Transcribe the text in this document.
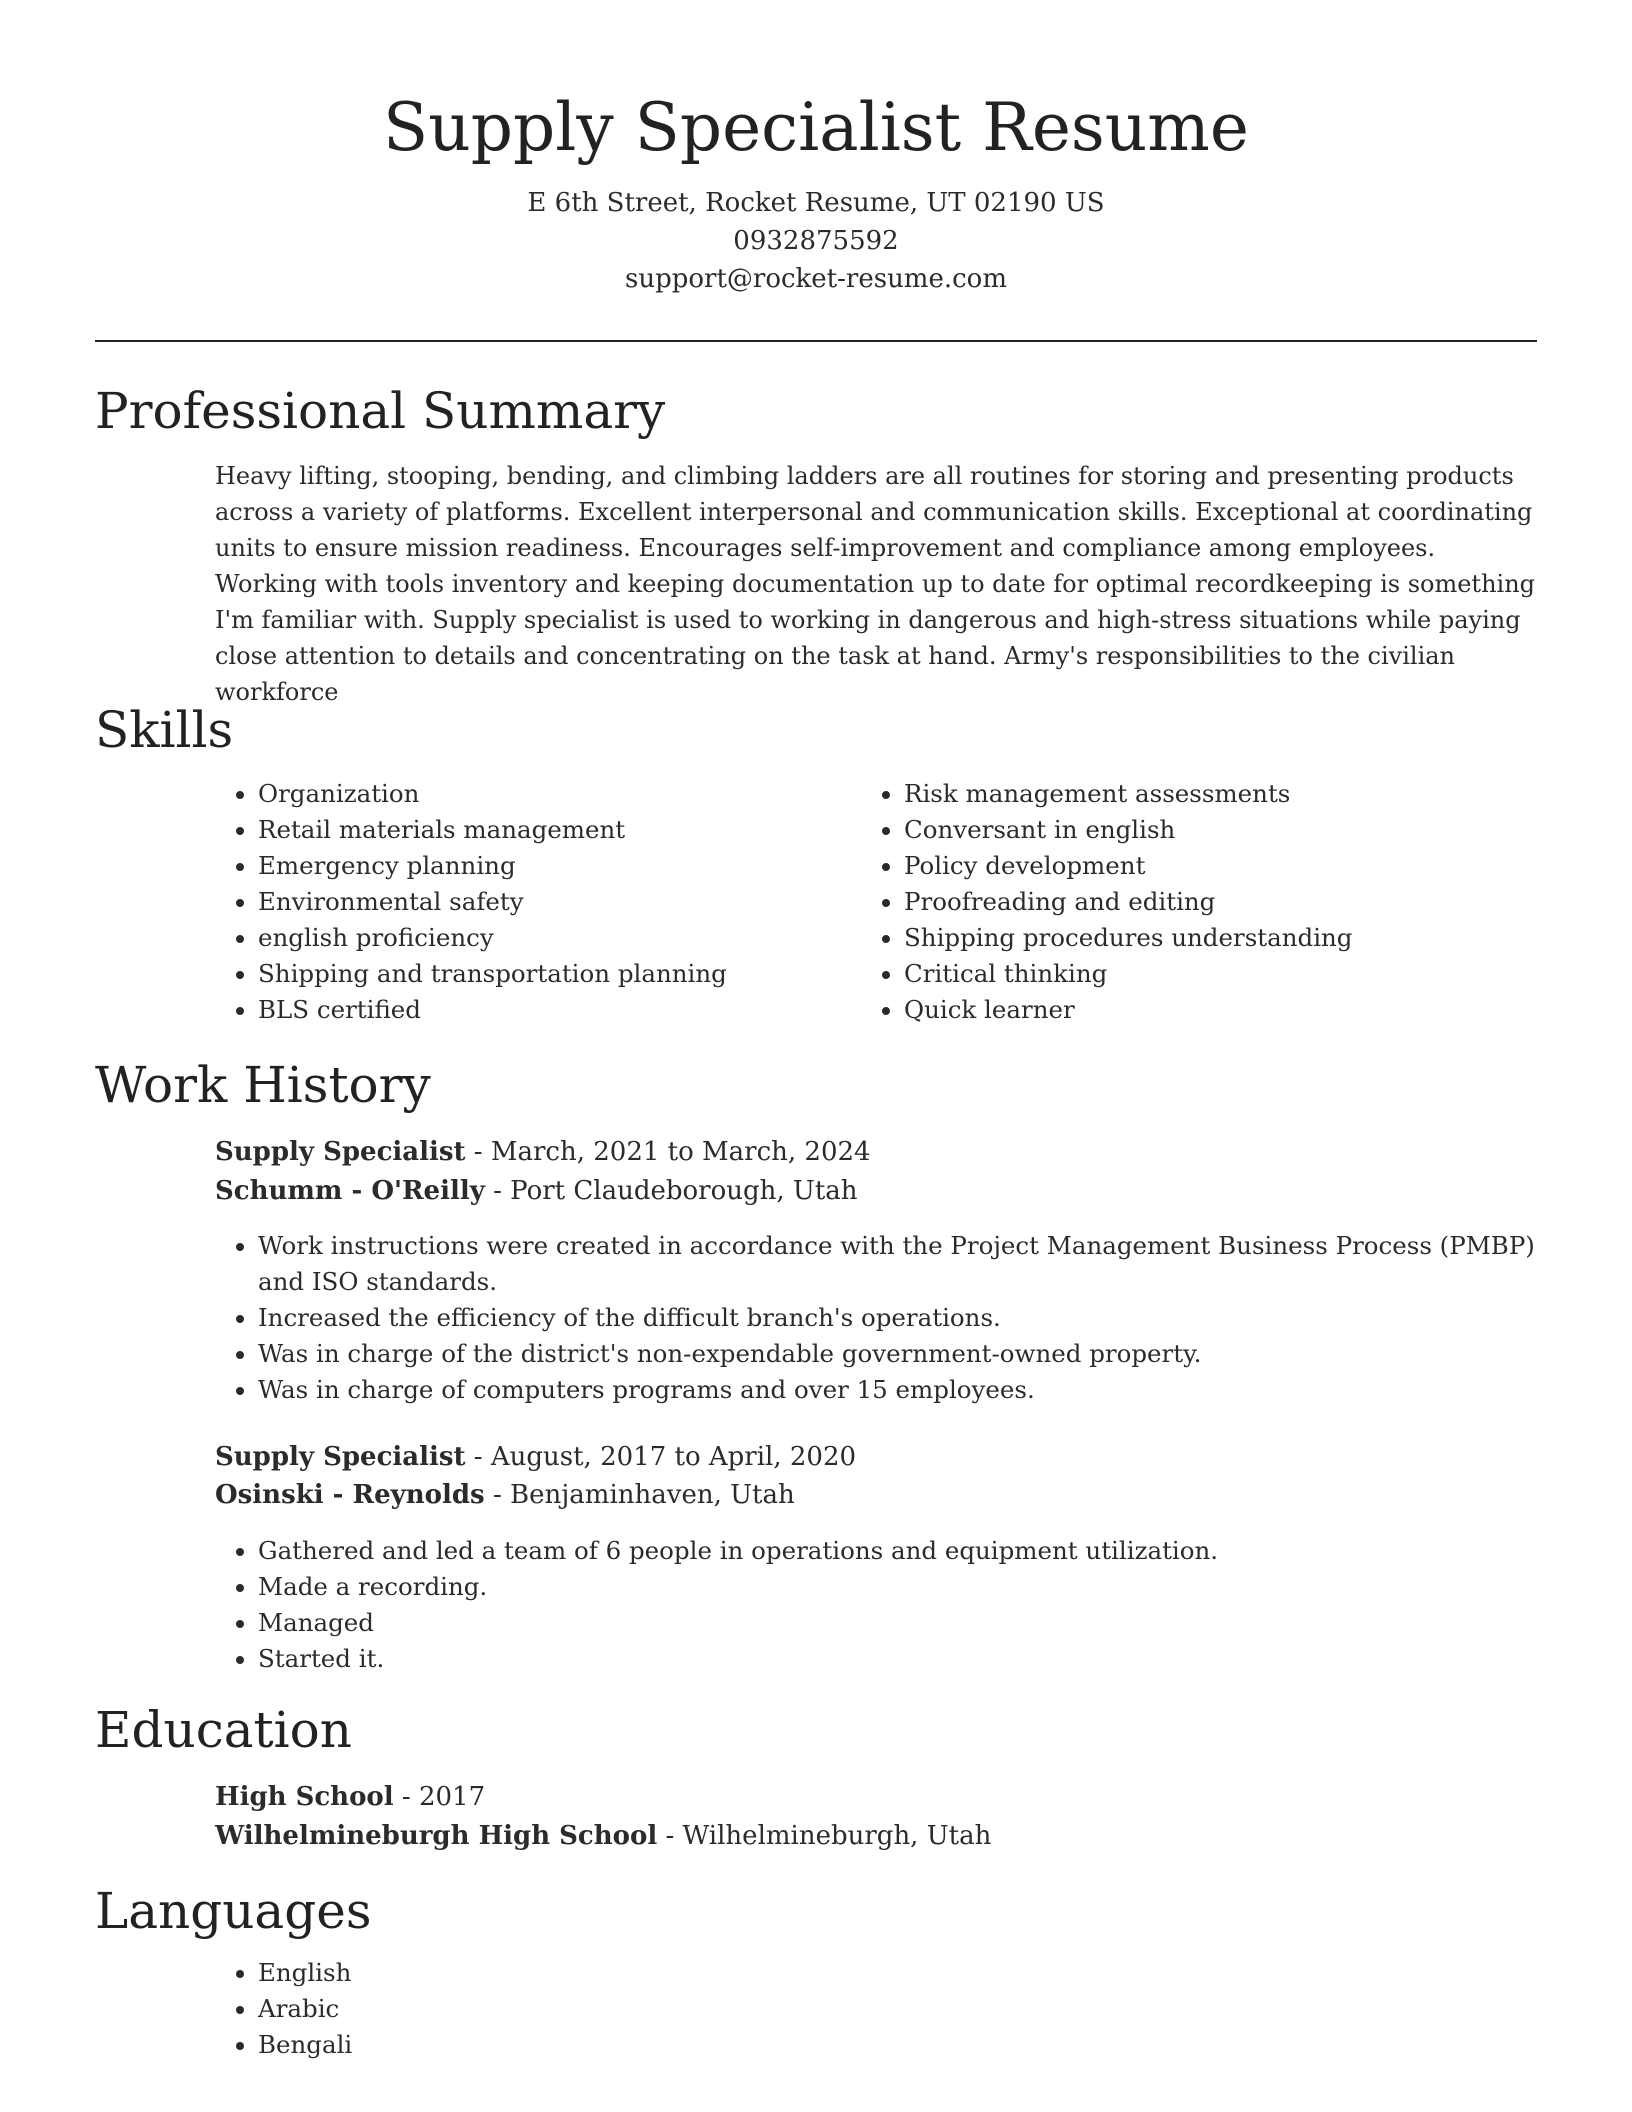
Supply Specialist Resume
E 6th Street, Rocket Resume, UT 02190 US
0932875592
support@rocket-resume.com
Professional Summary
Heavy lifting, stooping, bending, and climbing ladders are all routines for storing and presenting products across a variety of platforms. Excellent interpersonal and communication skills. Exceptional at coordinating units to ensure mission readiness. Encourages self-improvement and compliance among employees. Working with tools inventory and keeping documentation up to date for optimal recordkeeping is something I'm familiar with. Supply specialist is used to working in dangerous and high-stress situations while paying close attention to details and concentrating on the task at hand. Army's responsibilities to the civilian workforce
Skills
• Organization
• Retail materials management
• Emergency planning
• Environmental safety
• english proficiency
• Shipping and transportation planning
• BLS certified
• Risk management assessments
• Conversant in english
• Policy development
• Proofreading and editing
• Shipping procedures understanding
• Critical thinking
• Quick learner
Work History
Supply Specialist - March, 2021 to March, 2024
Schumm - O'Reilly - Port Claudeborough, Utah
• Work instructions were created in accordance with the Project Management Business Process (PMBP) and ISO standards.
• Increased the efficiency of the difficult branch's operations.
• Was in charge of the district's non-expendable government-owned property.
• Was in charge of computers programs and over 15 employees.
Supply Specialist - August, 2017 to April, 2020
Osinski - Reynolds - Benjaminhaven, Utah
• Gathered and led a team of 6 people in operations and equipment utilization.
• Made a recording.
• Managed
• Started it.
Education
High School - 2017
Wilhelmineburgh High School - Wilhelmineburgh, Utah
Languages
• English
• Arabic
• Bengali
